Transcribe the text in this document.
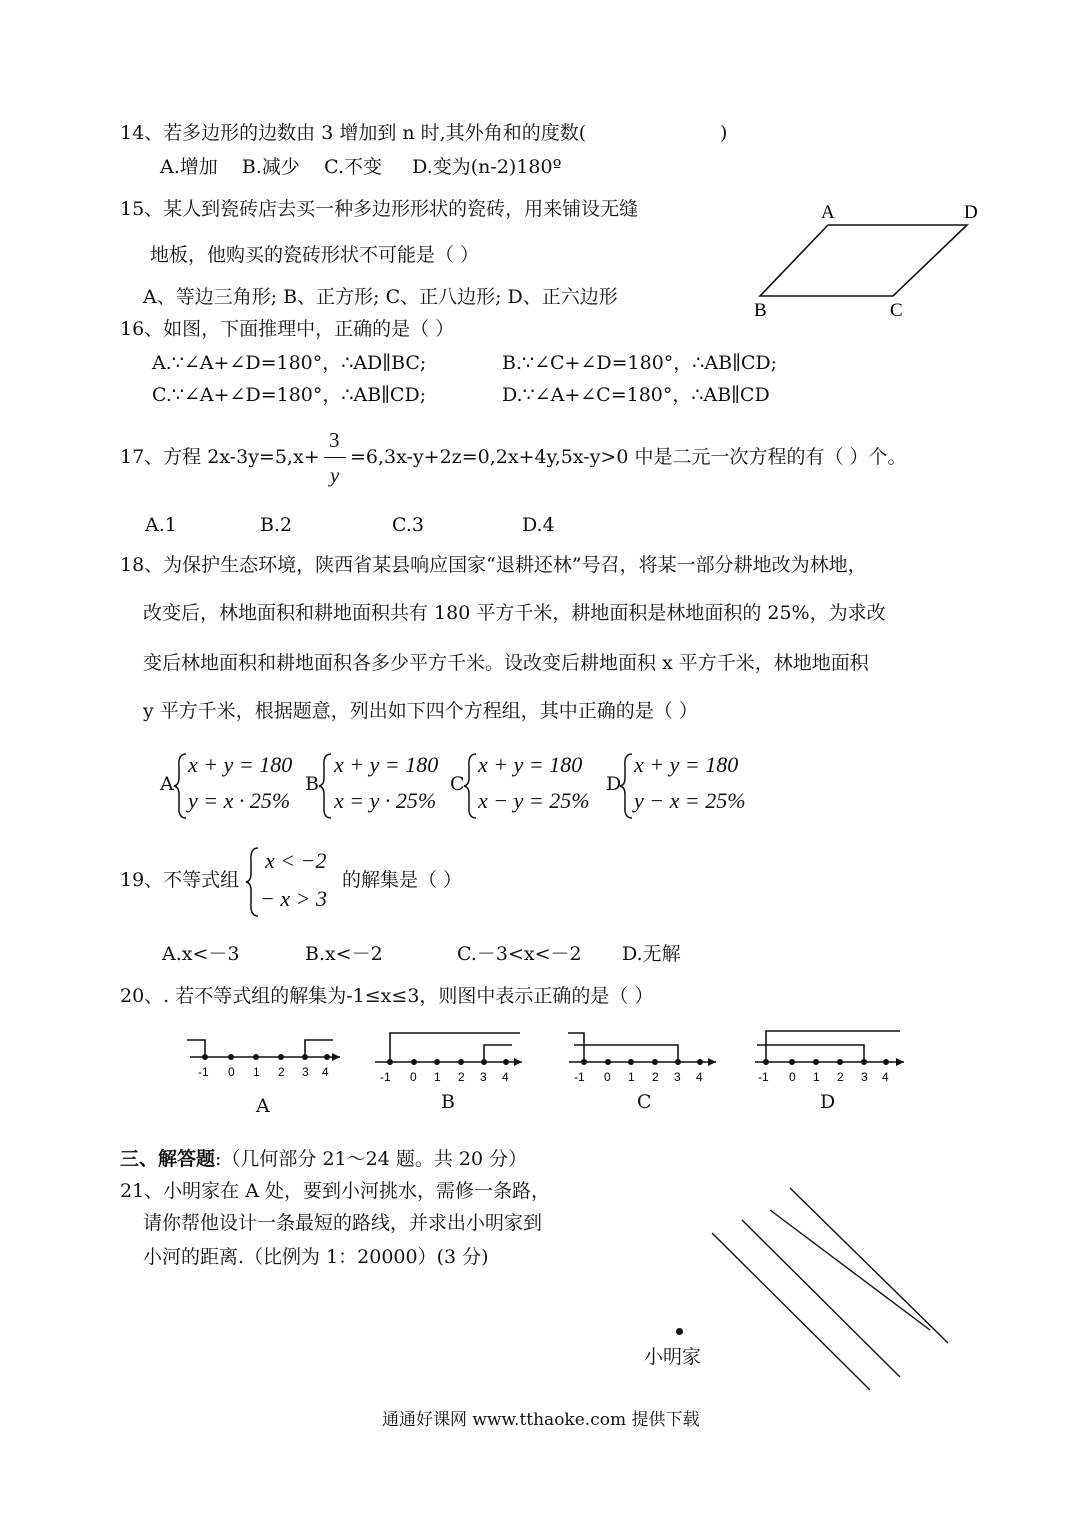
14、若多边形的边数由 3 增加到 n 时,其外角和的度数(	)
A.增加    B.减少    C.不变     D.变为(n-2)180º
15、某人到瓷砖店去买一种多边形形状的瓷砖，用来铺设无缝
地板，他购买的瓷砖形状不可能是（ ）
A、等边三角形; B、正方形; C、正八边形; D、正六边形
A	D
B	C
16、如图，下面推理中，正确的是（ ）
A.∵∠A+∠D=180°，∴AD∥BC;	B.∵∠C+∠D=180°，∴AB∥CD;
C.∵∠A+∠D=180°，∴AB∥CD;	D.∵∠A+∠C=180°，∴AB∥CD
17、方程 2x-3y=5,x+
3
y
=6,3x-y+2z=0,2x+4y,5x-y>0 中是二元一次方程的有（ ）个。
A.1	B.2	C.3	D.4
18、为保护生态环境，陕西省某县响应国家“退耕还林”号召，将某一部分耕地改为林地，
改变后，林地面积和耕地面积共有 180 平方千米，耕地面积是林地面积的 25%，为求改
变后林地面积和耕地面积各多少平方千米。设改变后耕地面积 x 平方千米，林地地面积
y 平方千米，根据题意，列出如下四个方程组，其中正确的是（ ）
A
x + y = 180
y = x · 25%
B
x + y = 180
x = y · 25%
C
x + y = 180
x − y = 25%
D
x + y = 180
y − x = 25%
19、不等式组
x < −2
− x > 3
的解集是（ ）
A.x<－3	B.x<－2	C.－3<x<－2 D.无解
20、. 若不等式组的解集为-1≤x≤3，则图中表示正确的是（ ）
-1 0 1 2 3 4
A
-1 0 1 2 3 4
B
-1 0 1 2 3 4
C
-1 0 1 2 3 4
D
三、解答题:（几何部分 21～24 题。共 20 分）
21、小明家在 A 处，要到小河挑水，需修一条路，
请你帮他设计一条最短的路线，并求出小明家到
小河的距离.（比例为 1：20000）(3 分)
小明家
通通好课网 www.tthaoke.com 提供下载
